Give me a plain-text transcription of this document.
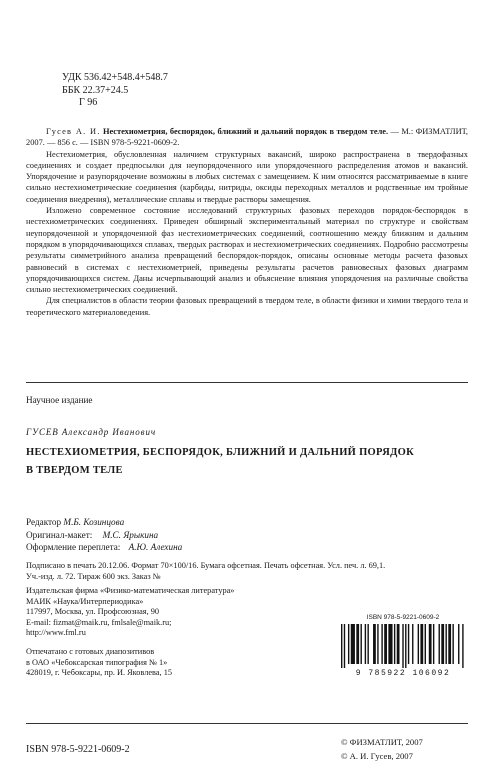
УДК 536.42+548.4+548.7
ББК 22.37+24.5
Г 96

Гусев А. И. Нестехиометрия, беспорядок, ближний и дальний порядок в твердом теле. — М.: ФИЗМАТЛИТ, 2007. — 856 с. — ISBN 978-5-9221-0609-2.

Нестехиометрия, обусловленная наличием структурных вакансий, широко распространена в твердофазных соединениях и создает предпосылки для неупорядоченного или упорядоченного распределения атомов и вакансий. Упорядочение и разупорядочение возможны в любых системах с замещением. К ним относятся рассматриваемые в книге сильно нестехиометрические соединения (карбиды, нитриды, оксиды переходных металлов и родственные им тройные соединения внедрения), металлические сплавы и твердые растворы замещения.

Изложено современное состояние исследований структурных фазовых переходов порядок-беспорядок в нестехиометрических соединениях. Приведен обширный экспериментальный материал по структуре и свойствам неупорядоченной и упорядоченной фаз нестехиометрических соединений, соотношению между ближним и дальним порядком в упорядочивающихся сплавах, твердых растворах и нестехиометрических соединениях. Подробно рассмотрены результаты симметрийного анализа превращений беспорядок-порядок, описаны основные методы расчета фазовых равновесий в системах с нестехиометрией, приведены результаты расчетов равновесных фазовых диаграмм упорядочивающихся систем. Даны исчерпывающий анализ и объяснение влияния упорядочения на различные свойства сильно нестехиометрических соединений.

Для специалистов в области теории фазовых превращений в твердом теле, в области физики и химии твердого тела и теоретического материаловедения.

Научное издание
ГУСЕВ Александр Иванович
НЕСТЕХИОМЕТРИЯ, БЕСПОРЯДОК, БЛИЖНИЙ И ДАЛЬНИЙ ПОРЯДОК
В ТВЕРДОМ ТЕЛЕ
Редактор М.Б. Козинцова
Оригинал-макет: М.С. Ярыкина
Оформление переплета: А.Ю. Алехина
Подписано в печать 20.12.06. Формат 70×100/16. Бумага офсетная. Печать офсетная. Усл. печ. л. 69,1.
Уч.-изд. л. 72. Тираж 600 экз. Заказ №
Издательская фирма «Физико-математическая литература»
МАИК «Наука/Интерпериодика»
117997, Москва, ул. Профсоюзная, 90
E-mail: fizmat@maik.ru, fmlsale@maik.ru;
http://www.fml.ru
Отпечатано с готовых диапозитивов
в ОАО «Чебоксарская типография № 1»
428019, г. Чебоксары, пр. И. Яковлева, 15
ISBN 978-5-9221-0609-2
9 785922 106092
ISBN 978-5-9221-0609-2
© ФИЗМАТЛИТ, 2007
© А. И. Гусев, 2007
